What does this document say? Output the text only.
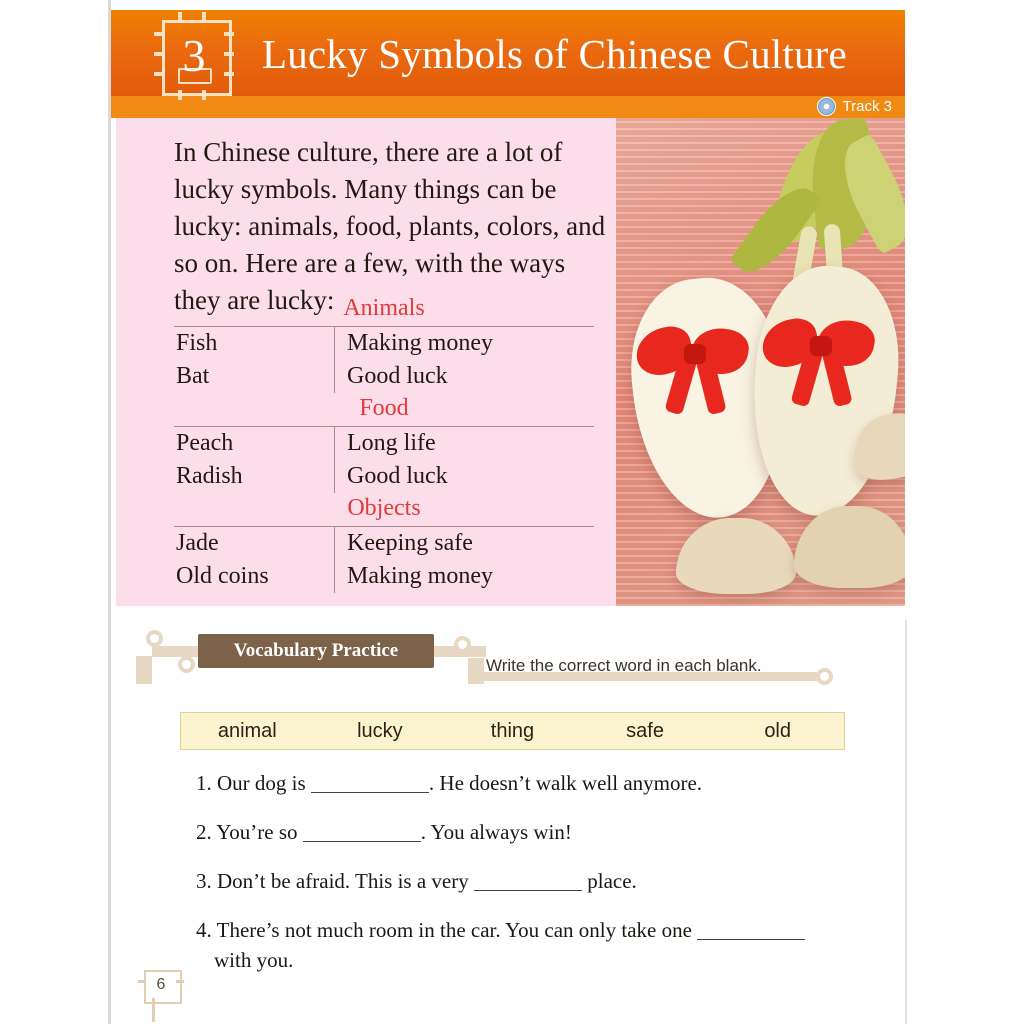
3	Lucky Symbols of Chinese Culture
Track 3
In Chinese culture, there are a lot of lucky symbols. Many things can be lucky: animals, food, plants, colors, and so on. Here are a few, with the ways they are lucky: Animals
Fish	Making money
Bat	Good luck
Food
Peach	Long life
Radish	Good luck
Objects
Jade	Keeping safe
Old coins	Making money
Vocabulary Practice
Write the correct word in each blank.
animal	lucky	thing	safe	old
1. Our dog is	. He doesn’t walk well anymore.
2. You’re so	. You always win!
3. Don’t be afraid. This is a very	place.
4. There’s not much room in the car. You can only take one
with you.
6
